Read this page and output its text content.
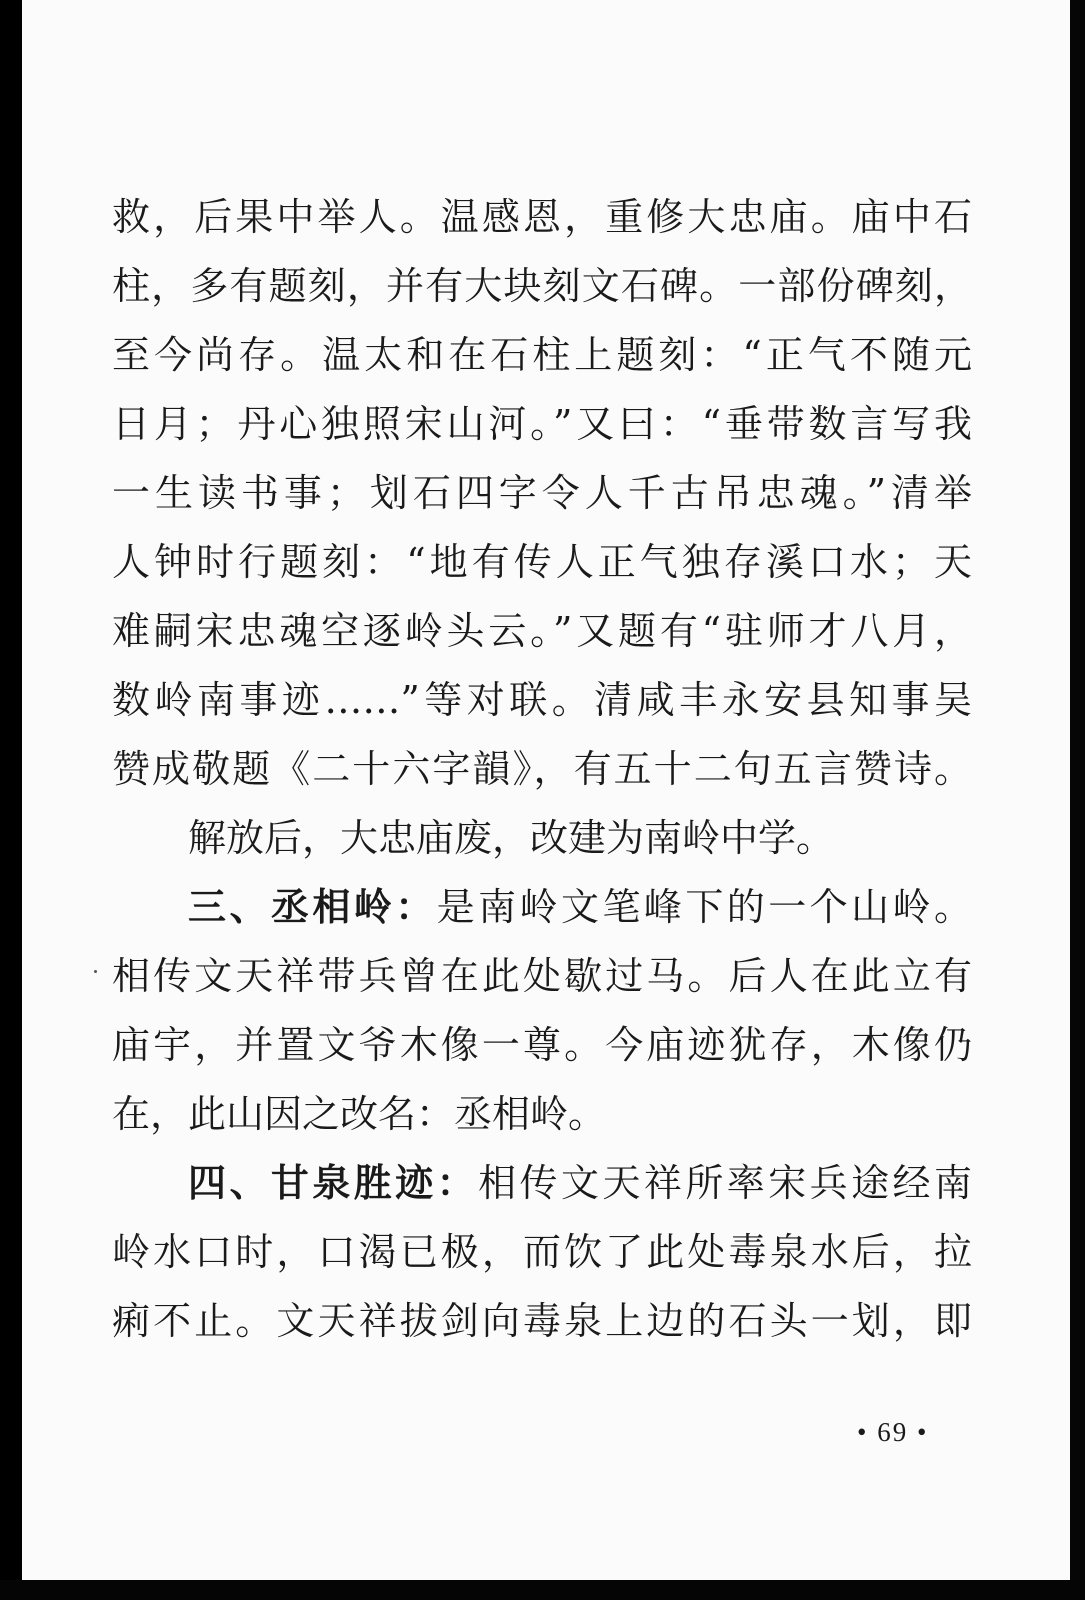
救，后果中举人。温感恩，重修大忠庙。庙中石
柱，多有题刻，并有大块刻文石碑。一部份碑刻，
至今尚存。温太和在石柱上题刻：“正气不随元
日月；丹心独照宋山河。”又曰：“垂带数言写我
一生读书事；划石四字令人千古吊忠魂。”清举
人钟时行题刻：“地有传人正气独存溪口水；天
难嗣宋忠魂空逐岭头云。”又题有“驻师才八月，
数岭南事迹……”等对联。清咸丰永安县知事吴
赞成敬题《二十六字韻》，有五十二句五言赞诗。
解放后，大忠庙废，改建为南岭中学。
三、丞相岭：是南岭文笔峰下的一个山岭。
相传文天祥带兵曾在此处歇过马。后人在此立有
庙宇，并置文爷木像一尊。今庙迹犹存，木像仍
在，此山因之改名：丞相岭。
四、甘泉胜迹：相传文天祥所率宋兵途经南
岭水口时，口渴已极，而饮了此处毒泉水后，拉
痢不止。文天祥拔剑向毒泉上边的石头一划，即
• 69 •
